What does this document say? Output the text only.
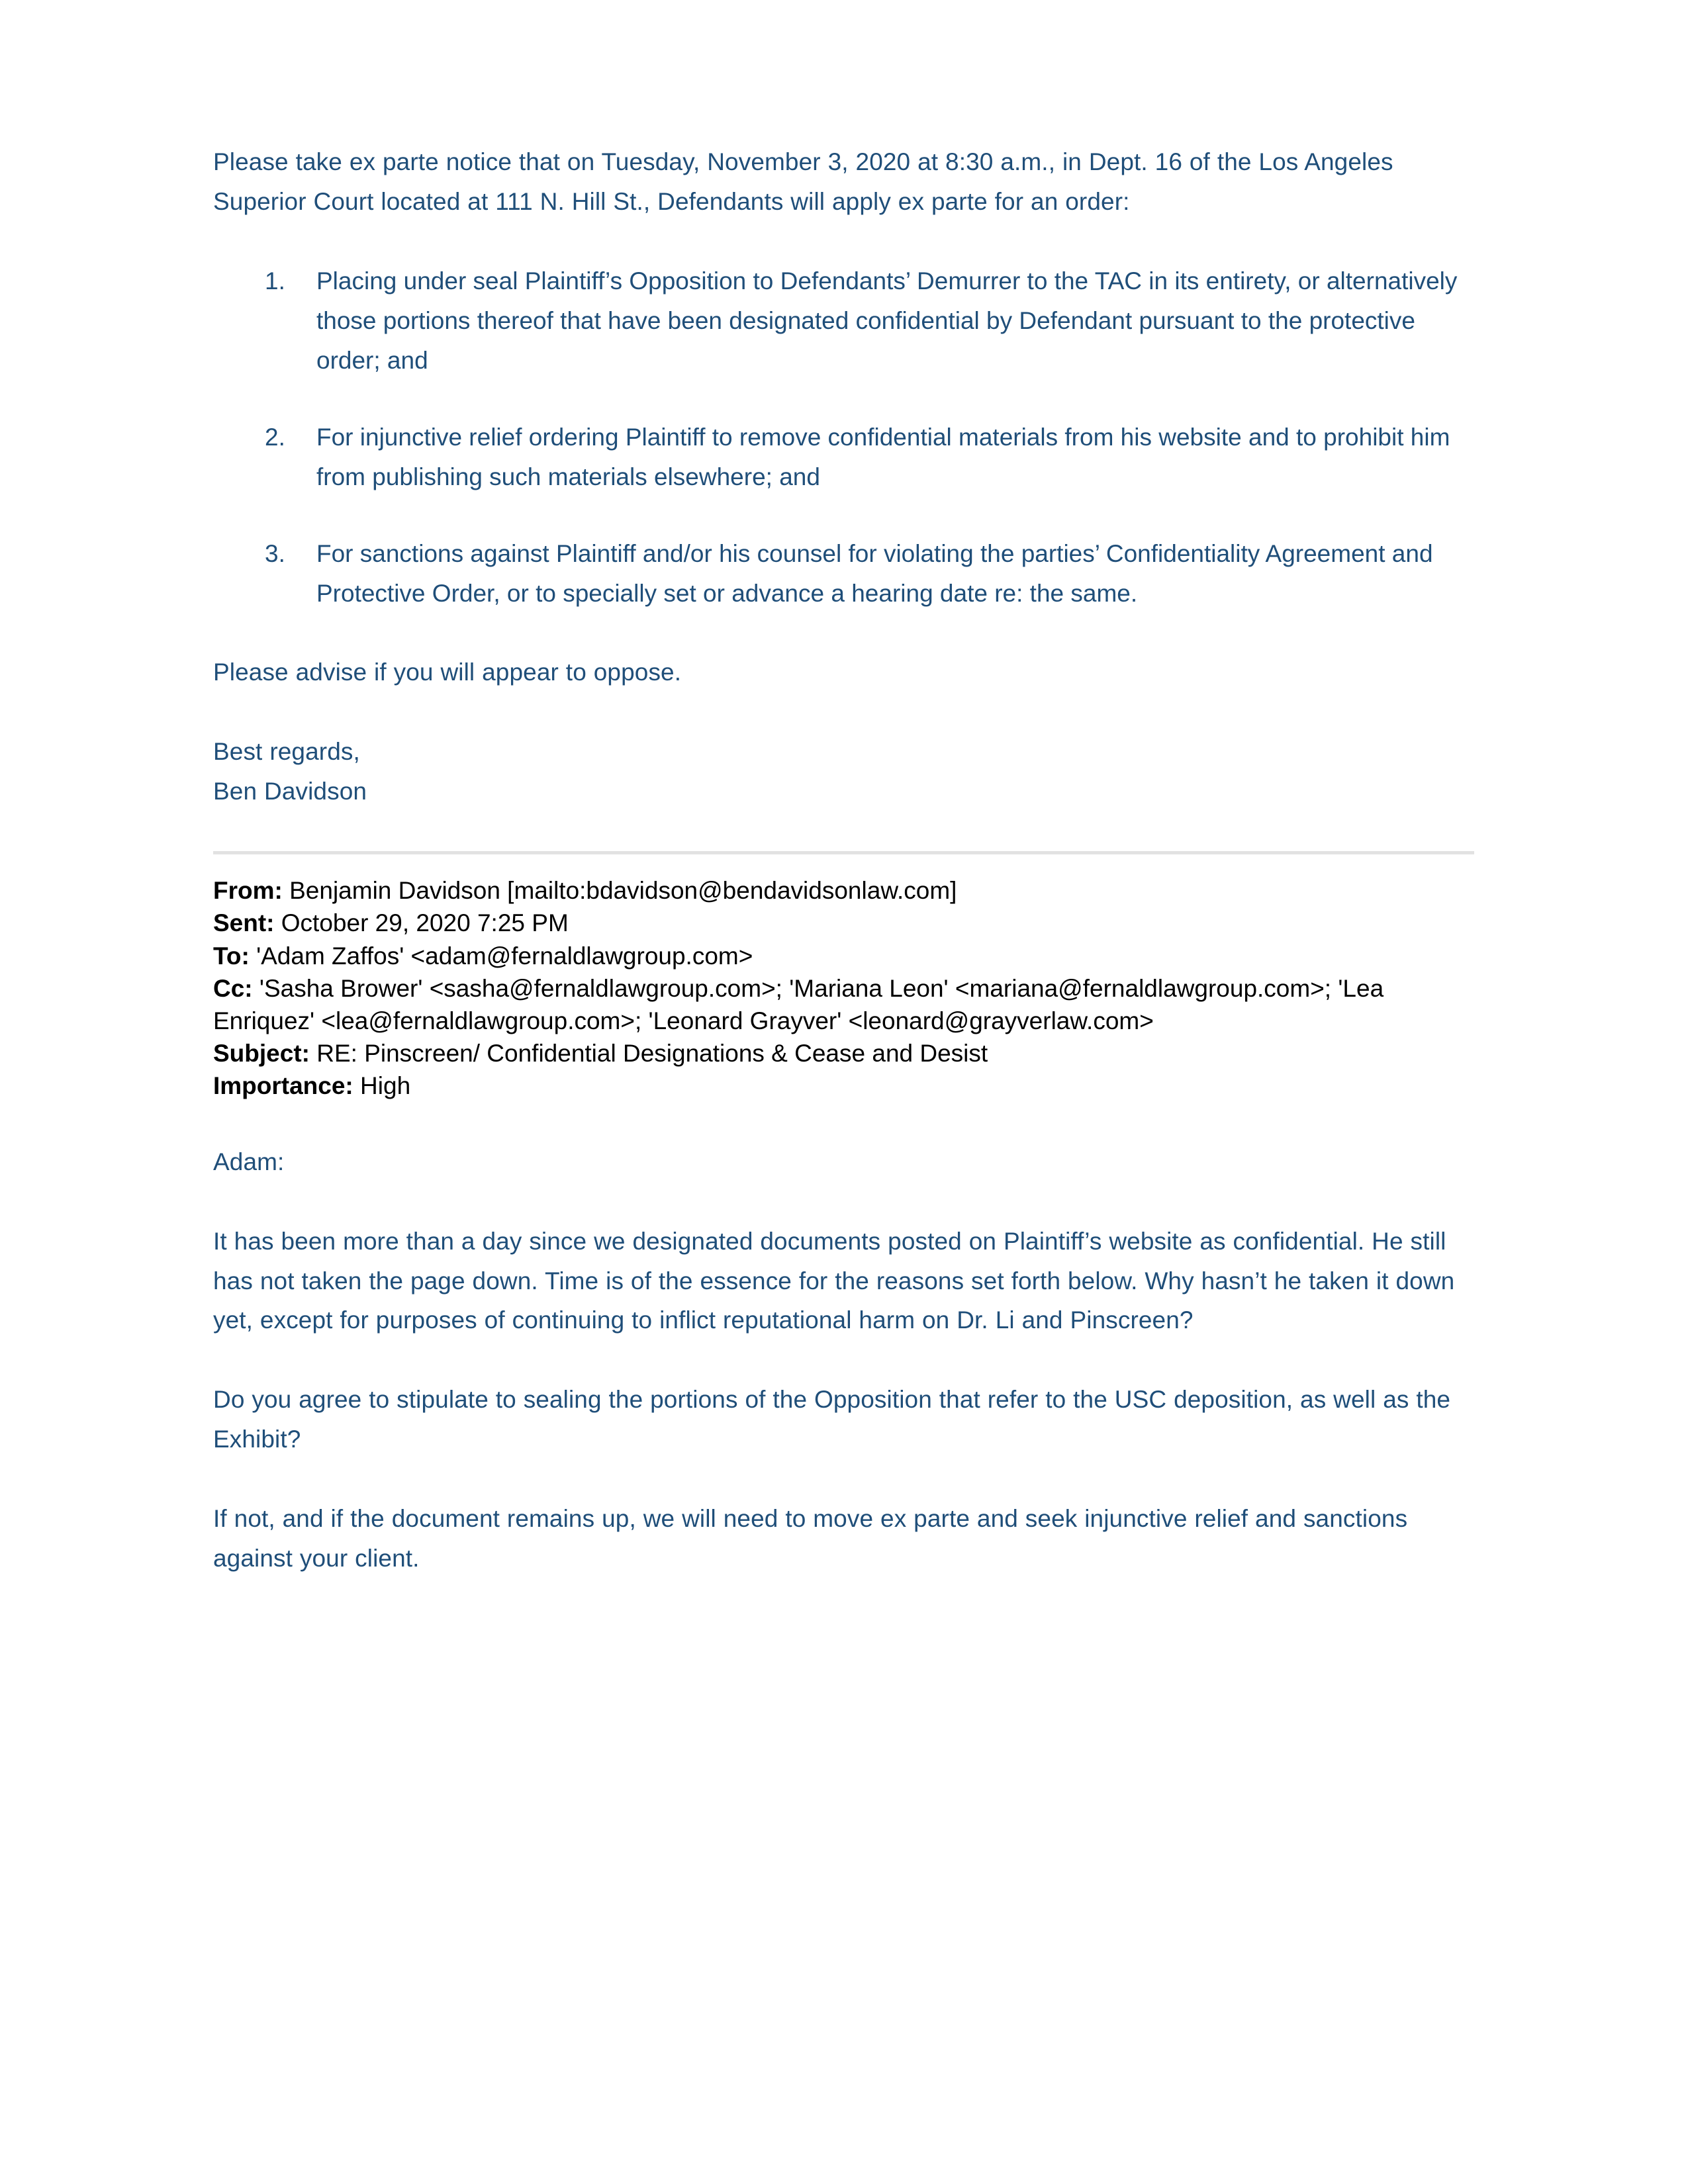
Please take ex parte notice that on Tuesday, November 3, 2020 at 8:30 a.m., in Dept. 16 of the Los Angeles Superior Court located at 111 N. Hill St., Defendants will apply ex parte for an order:

1.	Placing under seal Plaintiff’s Opposition to Defendants’ Demurrer to the TAC in its entirety, or alternatively those portions thereof that have been designated confidential by Defendant pursuant to the protective order; and
2.	For injunctive relief ordering Plaintiff to remove confidential materials from his website and to prohibit him from publishing such materials elsewhere; and
3.	For sanctions against Plaintiff and/or his counsel for violating the parties’ Confidentiality Agreement and Protective Order, or to specially set or advance a hearing date re: the same.

Please advise if you will appear to oppose.

Best regards,

Ben Davidson

From: Benjamin Davidson [mailto:bdavidson@bendavidsonlaw.com]
Sent: October 29, 2020 7:25 PM
To: 'Adam Zaffos' <adam@fernaldlawgroup.com>
Cc: 'Sasha Brower' <sasha@fernaldlawgroup.com>; 'Mariana Leon' <mariana@fernaldlawgroup.com>; 'Lea Enriquez' <lea@fernaldlawgroup.com>; 'Leonard Grayver' <leonard@grayverlaw.com>
Subject: RE: Pinscreen/ Confidential Designations & Cease and Desist
Importance: High

Adam:

It has been more than a day since we designated documents posted on Plaintiff’s website as confidential. He still has not taken the page down. Time is of the essence for the reasons set forth below. Why hasn’t he taken it down yet, except for purposes of continuing to inflict reputational harm on Dr. Li and Pinscreen?

Do you agree to stipulate to sealing the portions of the Opposition that refer to the USC deposition, as well as the Exhibit?

If not, and if the document remains up, we will need to move ex parte and seek injunctive relief and sanctions against your client.
